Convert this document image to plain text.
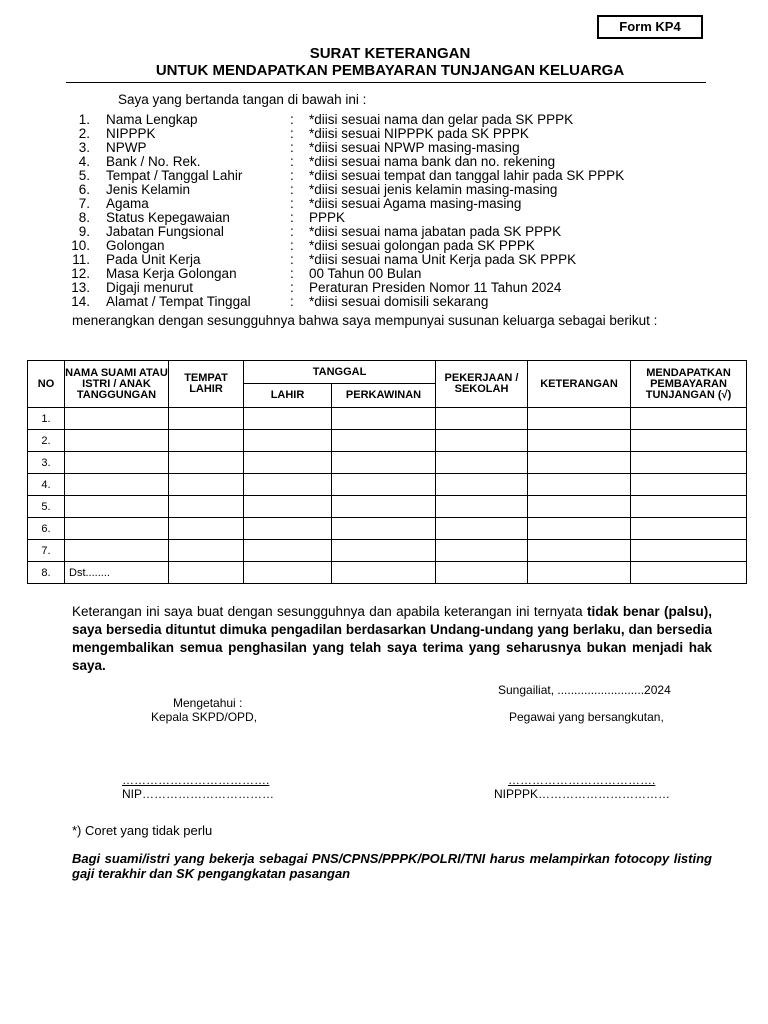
Form KP4
SURAT KETERANGAN
UNTUK MENDAPATKAN PEMBAYARAN TUNJANGAN KELUARGA
Saya yang bertanda tangan di bawah ini :
1. Nama Lengkap	: *diisi sesuai nama dan gelar pada SK PPPK
2. NIPPPK	: *diisi sesuai NIPPPK pada SK PPPK
3. NPWP	: *diisi sesuai NPWP masing-masing
4. Bank / No. Rek.	: *diisi sesuai nama bank dan no. rekening
5. Tempat / Tanggal Lahir	: *diisi sesuai tempat dan tanggal lahir pada SK PPPK
6. Jenis Kelamin	: *diisi sesuai jenis kelamin masing-masing
7. Agama	: *diisi sesuai Agama masing-masing
8. Status Kepegawaian	: PPPK
9. Jabatan Fungsional	: *diisi sesuai nama jabatan pada SK PPPK
10. Golongan	: *diisi sesuai golongan pada SK PPPK
11. Pada Unit Kerja	: *diisi sesuai nama Unit Kerja pada SK PPPK
12. Masa Kerja Golongan	: 00 Tahun 00 Bulan
13. Digaji menurut	: Peraturan Presiden Nomor 11 Tahun 2024
14. Alamat / Tempat Tinggal	: *diisi sesuai domisili sekarang
menerangkan dengan sesungguhnya bahwa saya mempunyai susunan keluarga sebagai berikut :
NO	NAMA SUAMI ATAU ISTRI / ANAK TANGGUNGAN	TEMPAT LAHIR	TANGGAL		PEKERJAAN / SEKOLAH	KETERANGAN	MENDAPATKAN PEMBAYARAN TUNJANGAN (√)
			LAHIR	PERKAWINAN			
1.							
2.							
3.							
4.							
5.							
6.							
7.							
8.	Dst........						
Keterangan ini saya buat dengan sesungguhnya dan apabila keterangan ini ternyata tidak benar (palsu), saya bersedia dituntut dimuka pengadilan berdasarkan Undang-undang yang berlaku, dan bersedia mengembalikan semua penghasilan yang telah saya terima yang seharusnya bukan menjadi hak saya.
Sungailiat, ..........................2024
Mengetahui :
Kepala SKPD/OPD,	Pegawai yang bersangkutan,
……………………………….
NIP……………………………
……………………………….
NIPPPK……………………………
*) Coret yang tidak perlu
Bagi suami/istri yang bekerja sebagai PNS/CPNS/PPPK/POLRI/TNI harus melampirkan fotocopy listing gaji terakhir dan SK pengangkatan pasangan
